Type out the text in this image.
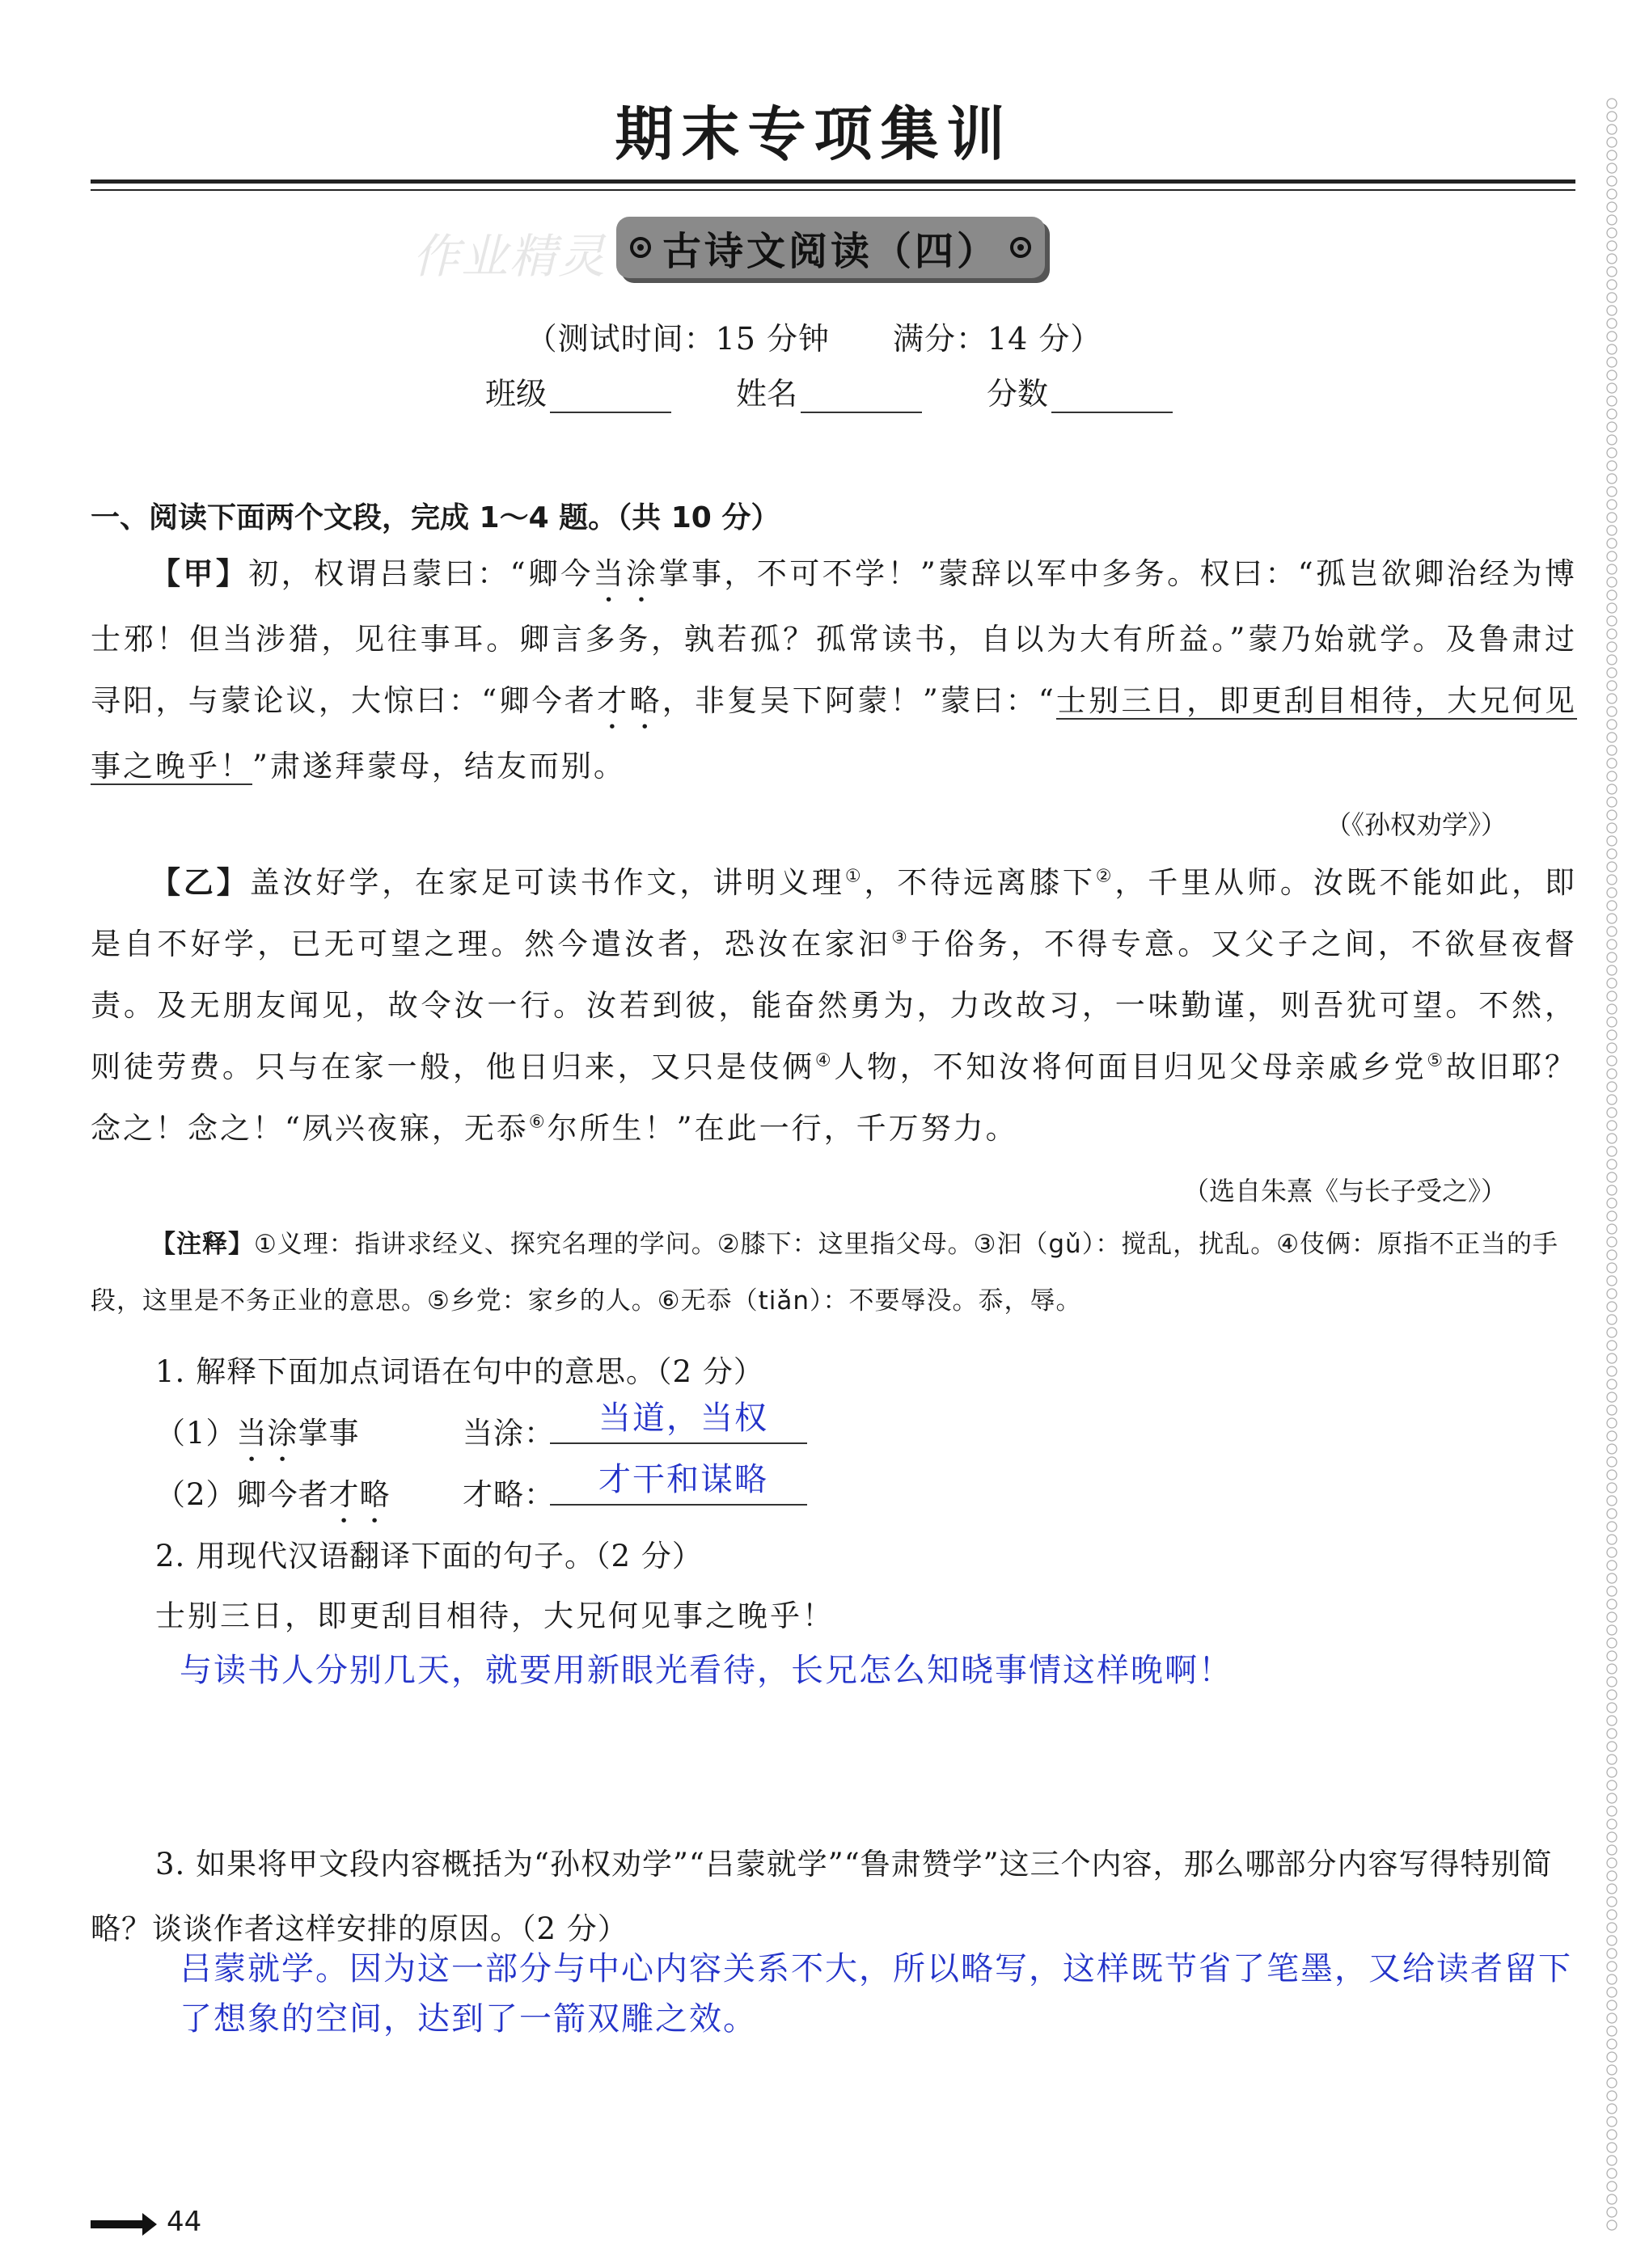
期末专项集训
作业精灵 古诗文阅读（四）
（测试时间：15 分钟　　满分：14 分）
班级	姓名	分数
一、阅读下面两个文段，完成 1～4 题。（共 10 分）
【甲】初，权谓吕蒙曰：“卿今当涂掌事，不可不学！”蒙辞以军中多务。权曰：“孤岂欲卿治经为博士邪！但当涉猎，见往事耳。卿言多务，孰若孤？孤常读书，自以为大有所益。”蒙乃始就学。及鲁肃过寻阳，与蒙论议，大惊曰：“卿今者才略，非复吴下阿蒙！”蒙曰：“士别三日，即更刮目相待，大兄何见事之晚乎！”肃遂拜蒙母，结友而别。
（《孙权劝学》）
【乙】盖汝好学，在家足可读书作文，讲明义理①，不待远离膝下②，千里从师。汝既不能如此，即是自不好学，已无可望之理。然今遣汝者，恐汝在家汩③于俗务，不得专意。又父子之间，不欲昼夜督责。及无朋友闻见，故令汝一行。汝若到彼，能奋然勇为，力改故习，一味勤谨，则吾犹可望。不然，则徒劳费。只与在家一般，他日归来，又只是伎俩④人物，不知汝将何面目归见父母亲戚乡党⑤故旧耶？念之！念之！“夙兴夜寐，无忝⑥尔所生！”在此一行，千万努力。
（选自朱熹《与长子受之》）
【注释】①义理：指讲求经义、探究名理的学问。②膝下：这里指父母。③汩（gǔ）：搅乱，扰乱。④伎俩：原指不正当的手段，这里是不务正业的意思。⑤乡党：家乡的人。⑥无忝（tiǎn）：不要辱没。忝，辱。
1. 解释下面加点词语在句中的意思。（2 分）
（1）当涂掌事	当涂： 当道，当权
（2）卿今者才略 才略： 才干和谋略
2. 用现代汉语翻译下面的句子。（2 分）
士别三日，即更刮目相待，大兄何见事之晚乎！
与读书人分别几天，就要用新眼光看待，长兄怎么知晓事情这样晚啊！
3. 如果将甲文段内容概括为“孙权劝学”“吕蒙就学”“鲁肃赞学”这三个内容，那么哪部分内容写得特别简略？谈谈作者这样安排的原因。（2 分）
吕蒙就学。因为这一部分与中心内容关系不大，所以略写，这样既节省了笔墨，又给读者留下了想象的空间，达到了一箭双雕之效。
44
